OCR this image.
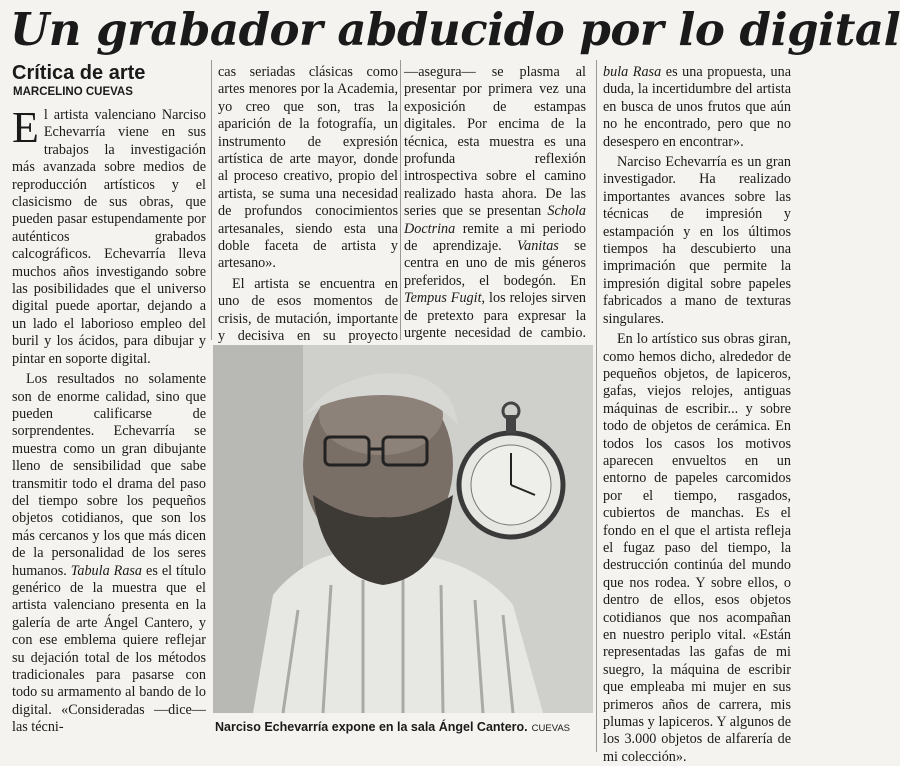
Un grabador abducido por lo digital
Crítica de arte
MARCELINO CUEVAS

El artista valenciano Narciso Echevarría viene en sus trabajos la investigación más avanzada sobre medios de reproducción artísticos y el clasicismo de sus obras, que pueden pasar estupendamente por auténticos grabados calcográficos. Echevarría lleva muchos años investigando sobre las posibilidades que el universo digital puede aportar, dejando a un lado el laborioso empleo del buril y los ácidos, para dibujar y pintar en soporte digital.

Los resultados no solamente son de enorme calidad, sino que pueden calificarse de sorprendentes. Echevarría se muestra como un gran dibujante lleno de sensibilidad que sabe transmitir todo el drama del paso del tiempo sobre los pequeños objetos cotidianos, que son los más cercanos y los que más dicen de la personalidad de los seres humanos. Tabula Rasa es el título genérico de la muestra que el artista valenciano presenta en la galería de arte Ángel Cantero, y con ese emblema quiere reflejar su dejación total de los métodos tradicionales para pasarse con todo su armamento al bando de lo digital. «Consideradas —dice— las técni-

cas seriadas clásicas como artes menores por la Academia, yo creo que son, tras la aparición de la fotografía, un instrumento de expresión artística de arte mayor, donde al proceso creativo, propio del artista, se suma una necesidad de profundos conocimientos artesanales, siendo esta una doble faceta de artista y artesano».

El artista se encuentra en uno de esos momentos de crisis, de mutación, importante y decisiva en su proyecto

—asegura— se plasma al presentar por primera vez una exposición de estampas digitales. Por encima de la técnica, esta muestra es una profunda reflexión introspectiva sobre el camino realizado hasta ahora. De las series que se presentan Schola Doctrina remite a mi periodo de aprendizaje. Vanitas se centra en uno de mis géneros preferidos, el bodegón. En Tempus Fugit, los relojes sirven de pretexto para expresar la urgente necesidad de cambio.

bula Rasa es una propuesta, una duda, la incertidumbre del artista en busca de unos frutos que aún no he encontrado, pero que no desespero en encontrar».

Narciso Echevarría es un gran investigador. Ha realizado importantes avances sobre las técnicas de impresión y estampación y en los últimos tiempos ha descubierto una imprimación que permite la impresión digital sobre papeles fabricados a mano de texturas singulares.

En lo artístico sus obras giran, como hemos dicho, alrededor de pequeños objetos, de lapiceros, gafas, viejos relojes, antiguas máquinas de escribir... y sobre todo de objetos de cerámica. En todos los casos los motivos aparecen envueltos en un entorno de papeles carcomidos por el tiempo, rasgados, cubiertos de manchas. Es el fondo en el que el artista refleja el fugaz paso del tiempo, la destrucción continúa del mundo que nos rodea. Y sobre ellos, o dentro de ellos, esos objetos cotidianos que nos acompañan en nuestro periplo vital. «Están representadas las gafas de mi suegro, la máquina de escribir que empleaba mi mujer en sus primeros años de carrera, mis plumas y lapiceros. Y algunos de los 3.000 objetos de alfarería de mi colección».

Narciso Echevarría expone en la sala Ángel Cantero. CUEVAS
